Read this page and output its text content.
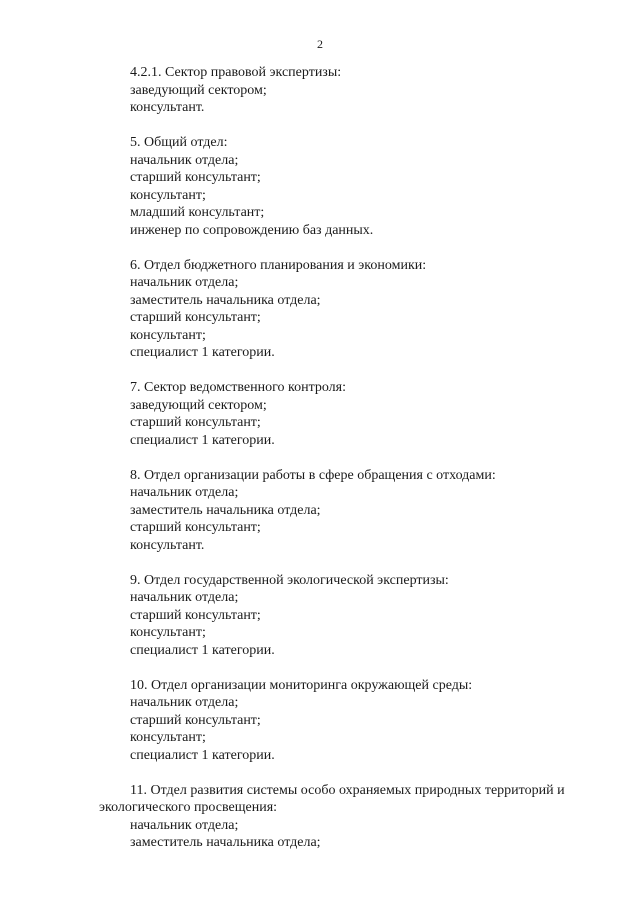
2
4.2.1. Сектор правовой экспертизы:
заведующий сектором;
консультант.
5. Общий отдел:
начальник отдела;
старший консультант;
консультант;
младший консультант;
инженер по сопровождению баз данных.
6. Отдел бюджетного планирования и экономики:
начальник отдела;
заместитель начальника отдела;
старший консультант;
консультант;
специалист 1 категории.
7. Сектор ведомственного контроля:
заведующий сектором;
старший консультант;
специалист 1 категории.
8. Отдел организации работы в сфере обращения с отходами:
начальник отдела;
заместитель начальника отдела;
старший консультант;
консультант.
9. Отдел государственной экологической экспертизы:
начальник отдела;
старший консультант;
консультант;
специалист 1 категории.
10. Отдел организации мониторинга окружающей среды:
начальник отдела;
старший консультант;
консультант;
специалист 1 категории.
11. Отдел развития системы особо охраняемых природных территорий и экологического просвещения:
начальник отдела;
заместитель начальника отдела;
